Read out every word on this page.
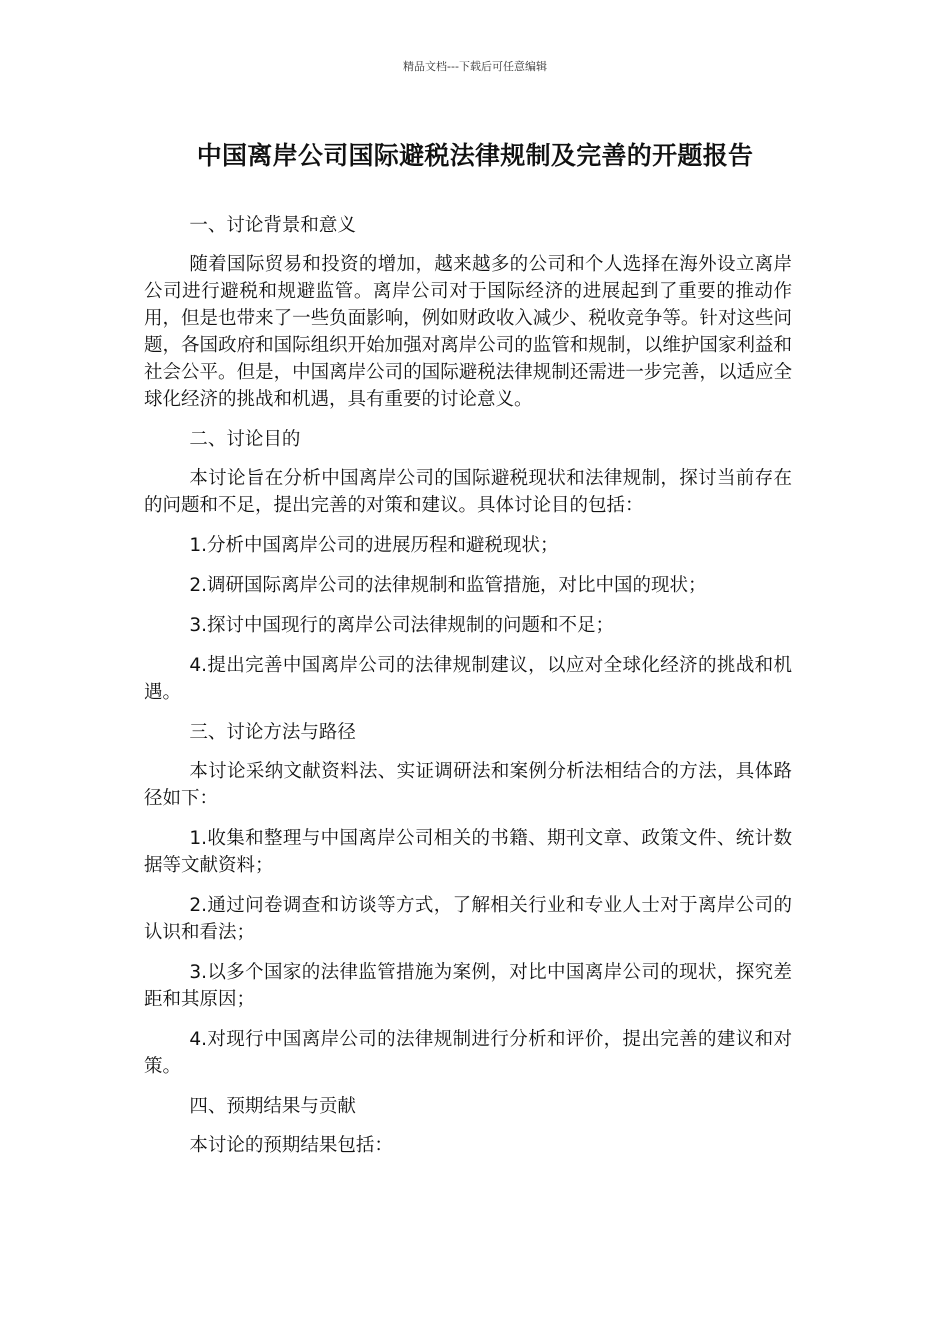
精品文档---下载后可任意编辑
中国离岸公司国际避税法律规制及完善的开题报告

一、讨论背景和意义

随着国际贸易和投资的增加，越来越多的公司和个人选择在海外设立离岸公司进行避税和规避监管。离岸公司对于国际经济的进展起到了重要的推动作用，但是也带来了一些负面影响，例如财政收入减少、税收竞争等。针对这些问题，各国政府和国际组织开始加强对离岸公司的监管和规制，以维护国家利益和社会公平。但是，中国离岸公司的国际避税法律规制还需进一步完善，以适应全球化经济的挑战和机遇，具有重要的讨论意义。

二、讨论目的

本讨论旨在分析中国离岸公司的国际避税现状和法律规制，探讨当前存在的问题和不足，提出完善的对策和建议。具体讨论目的包括：

1.分析中国离岸公司的进展历程和避税现状；

2.调研国际离岸公司的法律规制和监管措施，对比中国的现状；

3.探讨中国现行的离岸公司法律规制的问题和不足；

4.提出完善中国离岸公司的法律规制建议，以应对全球化经济的挑战和机遇。

三、讨论方法与路径

本讨论采纳文献资料法、实证调研法和案例分析法相结合的方法，具体路径如下：

1.收集和整理与中国离岸公司相关的书籍、期刊文章、政策文件、统计数据等文献资料；

2.通过问卷调查和访谈等方式，了解相关行业和专业人士对于离岸公司的认识和看法；

3.以多个国家的法律监管措施为案例，对比中国离岸公司的现状，探究差距和其原因；

4.对现行中国离岸公司的法律规制进行分析和评价，提出完善的建议和对策。

四、预期结果与贡献

本讨论的预期结果包括：
